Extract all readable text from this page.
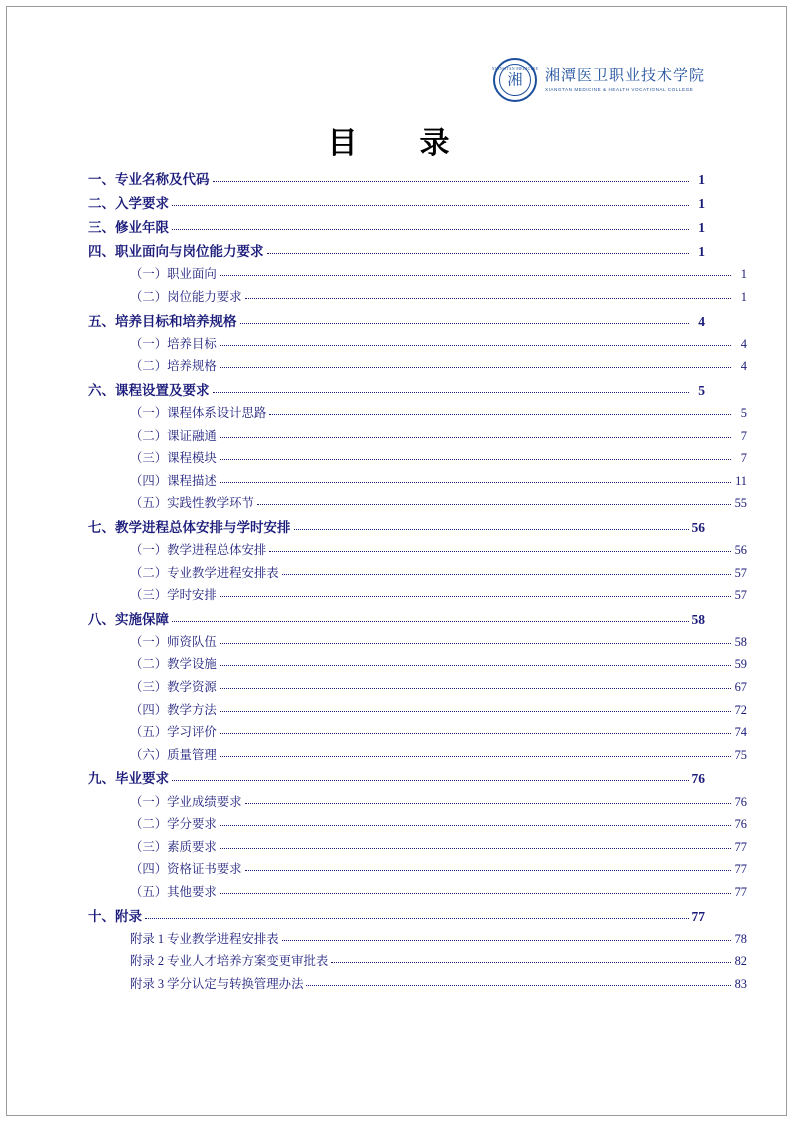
XIANGTAN MEDICINE
湘 湘潭医卫职业技术学院
XIANGTAN MEDICINE & HEALTH VOCATIONAL COLLEGE
目　录
一、专业名称及代码	1
二、入学要求	1
三、修业年限	1
四、职业面向与岗位能力要求	1
（一）职业面向	1
（二）岗位能力要求	1
五、培养目标和培养规格	4
（一）培养目标	4
（二）培养规格	4
六、课程设置及要求	5
（一）课程体系设计思路	5
（二）课证融通	7
（三）课程模块	7
（四）课程描述	11
（五）实践性教学环节	55
七、教学进程总体安排与学时安排	56
（一）教学进程总体安排	56
（二）专业教学进程安排表	57
（三）学时安排	57
八、实施保障	58
（一）师资队伍	58
（二）教学设施	59
（三）教学资源	67
（四）教学方法	72
（五）学习评价	74
（六）质量管理	75
九、毕业要求	76
（一）学业成绩要求	76
（二）学分要求	76
（三）素质要求	77
（四）资格证书要求	77
（五）其他要求	77
十、附录	77
附录 1 专业教学进程安排表	78
附录 2 专业人才培养方案变更审批表	82
附录 3 学分认定与转换管理办法	83
